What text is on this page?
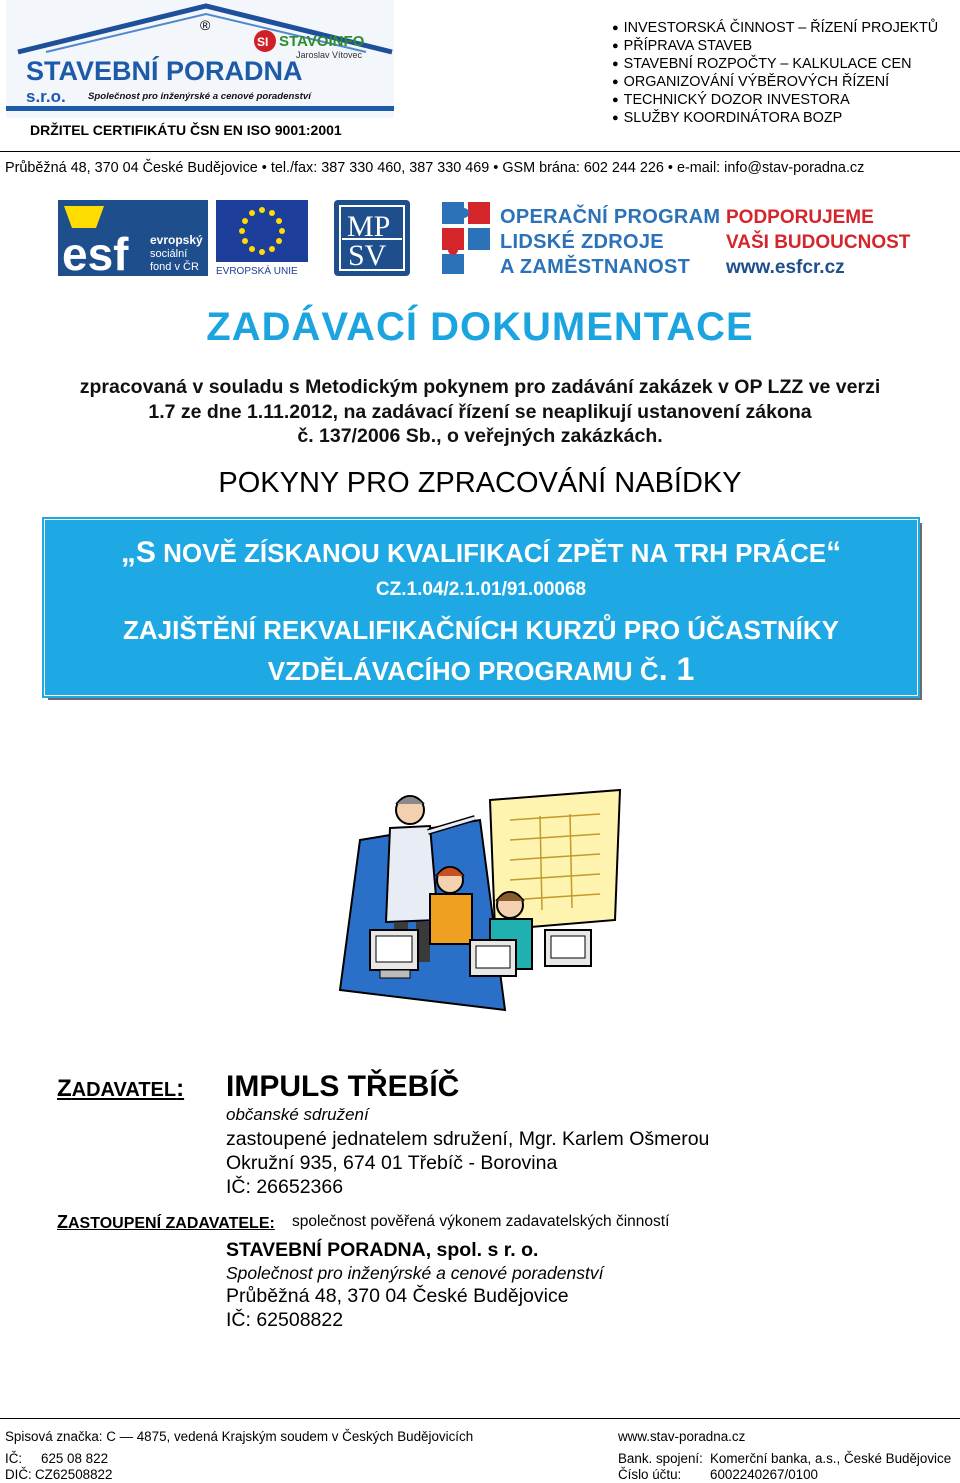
®
SI STAVOINFO
Jaroslav Vítovec
STAVEBNÍ PORADNA
s.r.o. Společnost pro inženýrské a cenové poradenství
DRŽITEL CERTIFIKÁTU ČSN EN ISO 9001:2001
● INVESTORSKÁ ČINNOST – ŘÍZENÍ PROJEKTŮ
● PŘÍPRAVA STAVEB
● STAVEBNÍ ROZPOČTY – KALKULACE CEN
● ORGANIZOVÁNÍ VÝBĚROVÝCH ŘÍZENÍ
● TECHNICKÝ DOZOR INVESTORA
● SLUŽBY KOORDINÁTORA BOZP
Průběžná 48, 370 04 České Budějovice • tel./fax: 387 330 460, 387 330 469 • GSM brána: 602 244 226 • e-mail: info@stav-poradna.cz
esf evropský
sociální
fond v ČR EVROPSKÁ UNIE
MP
SV
OPERAČNÍ PROGRAM
LIDSKÉ ZDROJE
A ZAMĚSTNANOST
PODPORUJEME
VAŠI BUDOUCNOST
www.esfcr.cz
ZADÁVACÍ DOKUMENTACE
zpracovaná v souladu s Metodickým pokynem pro zadávání zakázek v OP LZZ ve verzi
1.7 ze dne 1.11.2012, na zadávací řízení se neaplikují ustanovení zákona
č. 137/2006 Sb., o veřejných zakázkách.
POKYNY PRO ZPRACOVÁNÍ NABÍDKY
„S NOVĚ ZÍSKANOU KVALIFIKACÍ ZPĚT NA TRH PRÁCE“
CZ.1.04/2.1.01/91.00068
ZAJIŠTĚNÍ REKVALIFIKAČNÍCH KURZŮ PRO ÚČASTNÍKY
VZDĚLÁVACÍHO PROGRAMU Č. 1
ZADAVATEL: IMPULS TŘEBÍČ
občanské sdružení
zastoupené jednatelem sdružení, Mgr. Karlem Ošmerou
Okružní 935, 674 01 Třebíč - Borovina
IČ: 26652366
ZASTOUPENÍ ZADAVATELE: společnost pověřená výkonem zadavatelských činností
STAVEBNÍ PORADNA, spol. s r. o.
Společnost pro inženýrské a cenové poradenství
Průběžná 48, 370 04 České Budějovice
IČ: 62508822
Spisová značka: C — 4875, vedená Krajským soudem v Českých Budějovicích	www.stav-poradna.cz
IČ: 625 08 822
DIČ: CZ62508822
Bank. spojení: Komerční banka, a.s., České Budějovice
Číslo účtu: 6002240267/0100
